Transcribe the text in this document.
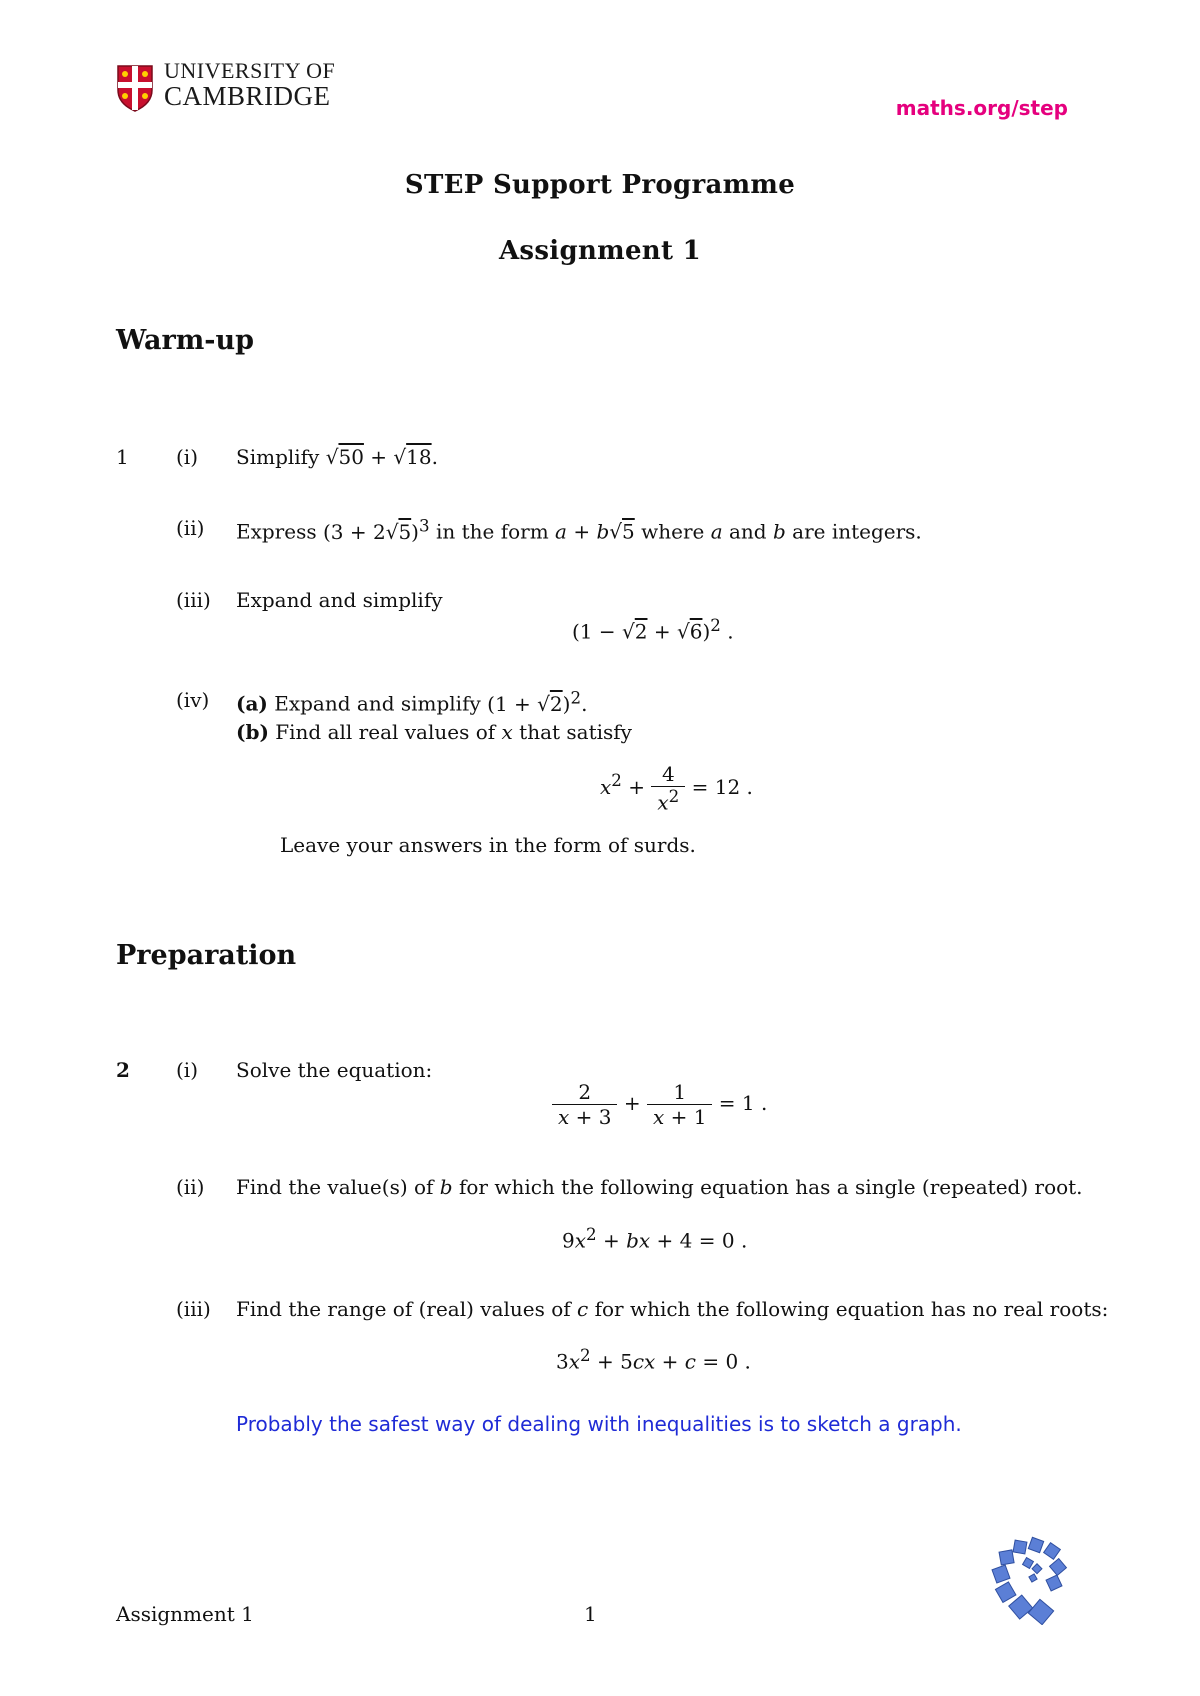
UNIVERSITY OF
CAMBRIDGE	maths.org/step
STEP Support Programme
Assignment 1
Warm-up
1 (i) Simplify √50 + √18.
(ii) Express $(3 + 2√5)^3$ in the form a + b√5 where a and b are integers.
(iii) Expand and simplify
$(1 - √2 + √6)^2$ .
(iv) (a) Expand and simplify $(1 + √2)^2$.
(b) Find all real values of x that satisfy
$x^2 + \frac{4}{x^2} = 12$ .
Leave your answers in the form of surds.
Preparation
2 (i) Solve the equation:
$\frac{2}{x + 3} + \frac{1}{x + 1} = 1$ .
(ii) Find the value(s) of b for which the following equation has a single (repeated) root.
$9x^2$ + bx + 4 = 0 .
(iii) Find the range of (real) values of c for which the following equation has no real roots:
$3x^2 + 5cx + c = 0$ .
Probably the safest way of dealing with inequalities is to sketch a graph.
Assignment 1	1
